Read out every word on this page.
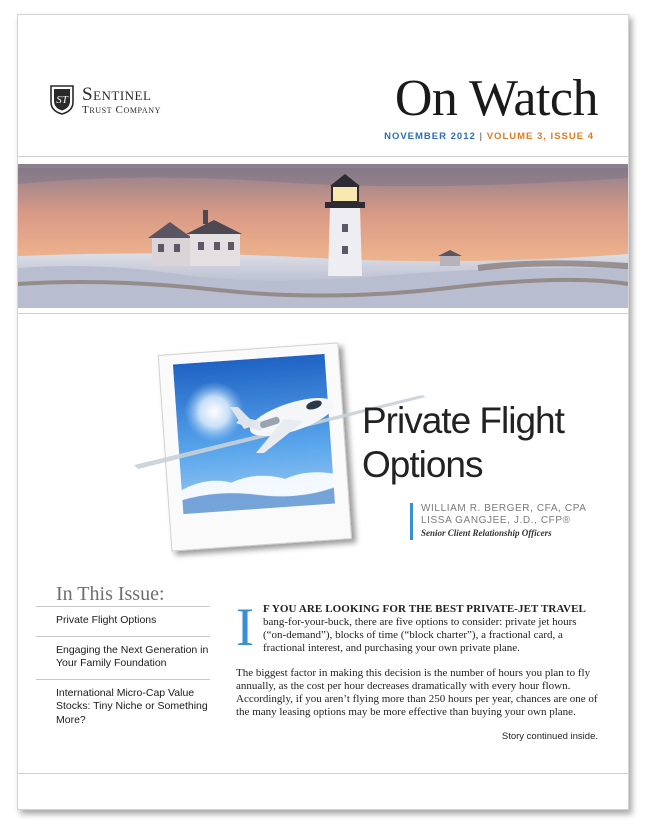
ST Sentinel
Trust Company	On Watch
NOVEMBER 2012 | VOLUME 3, ISSUE 4
Private Flight
Options
WILLIAM R. BERGER, CFA, CPA
LISSA GANGJEE, J.D., CFP®
Senior Client Relationship Officers
In This Issue:
Private Flight Options
Engaging the Next Generation in Your Family Foundation
International Micro-Cap Value Stocks: Tiny Niche or Something More?
I F YOU ARE LOOKING FOR THE BEST PRIVATE-JET TRAVEL bang-for-your-buck, there are five options to consider: private jet hours (“on-demand”), blocks of time (“block charter”), a fractional card, a fractional interest, and purchasing your own private plane.
The biggest factor in making this decision is the number of hours you plan to fly annually, as the cost per hour decreases dramatically with every hour flown. Accordingly, if you aren’t flying more than 250 hours per year, chances are one of the many leasing options may be more effective than buying your own plane.
Story continued inside.
